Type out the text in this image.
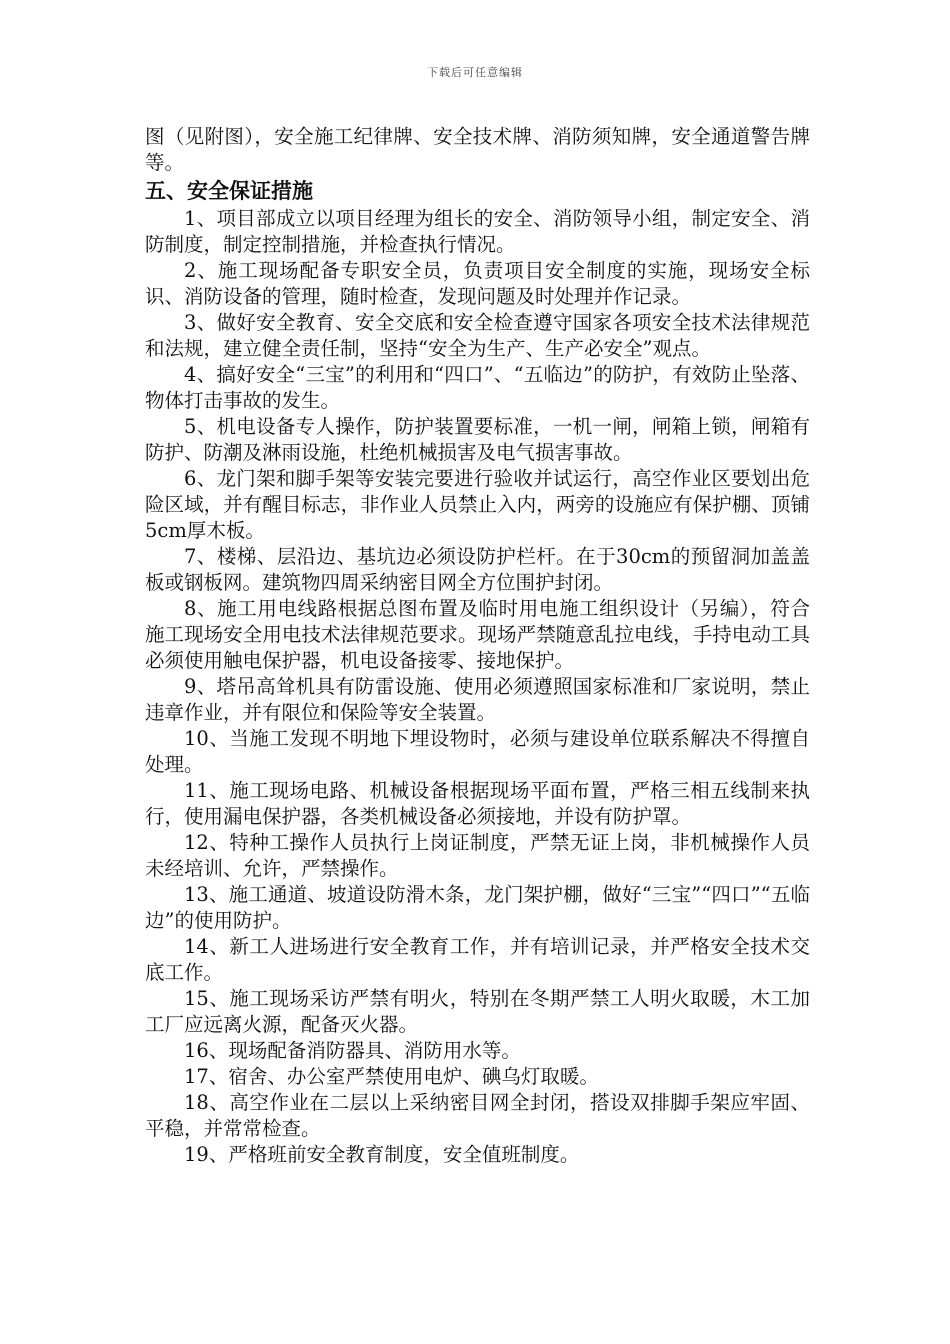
下载后可任意编辑

图（见附图），安全施工纪律牌、安全技术牌、消防须知牌，安全通道警告牌等。

五、安全保证措施

1、项目部成立以项目经理为组长的安全、消防领导小组，制定安全、消防制度，制定控制措施，并检查执行情况。

2、施工现场配备专职安全员，负责项目安全制度的实施，现场安全标识、消防设备的管理，随时检查，发现问题及时处理并作记录。

3、做好安全教育、安全交底和安全检查遵守国家各项安全技术法律规范和法规，建立健全责任制，坚持“安全为生产、生产必安全”观点。

4、搞好安全“三宝”的利用和“四口”、“五临边”的防护，有效防止坠落、物体打击事故的发生。

5、机电设备专人操作，防护装置要标准，一机一闸，闸箱上锁，闸箱有防护、防潮及淋雨设施，杜绝机械损害及电气损害事故。

6、龙门架和脚手架等安装完要进行验收并试运行，高空作业区要划出危险区域，并有醒目标志，非作业人员禁止入内，两旁的设施应有保护棚、顶铺5cm厚木板。

7、楼梯、层沿边、基坑边必须设防护栏杆。在于30cm的预留洞加盖盖板或钢板网。建筑物四周采纳密目网全方位围护封闭。

8、施工用电线路根据总图布置及临时用电施工组织设计（另编），符合施工现场安全用电技术法律规范要求。现场严禁随意乱拉电线，手持电动工具必须使用触电保护器，机电设备接零、接地保护。

9、塔吊高耸机具有防雷设施、使用必须遵照国家标准和厂家说明，禁止违章作业，并有限位和保险等安全装置。

10、当施工发现不明地下埋设物时，必须与建设单位联系解决不得擅自处理。

11、施工现场电路、机械设备根据现场平面布置，严格三相五线制来执行，使用漏电保护器，各类机械设备必须接地，并设有防护罩。

12、特种工操作人员执行上岗证制度，严禁无证上岗，非机械操作人员未经培训、允许，严禁操作。

13、施工通道、坡道设防滑木条，龙门架护棚，做好“三宝”“四口”“五临边”的使用防护。

14、新工人进场进行安全教育工作，并有培训记录，并严格安全技术交底工作。

15、施工现场采访严禁有明火，特别在冬期严禁工人明火取暖，木工加工厂应远离火源，配备灭火器。

16、现场配备消防器具、消防用水等。

17、宿舍、办公室严禁使用电炉、碘乌灯取暖。

18、高空作业在二层以上采纳密目网全封闭，搭设双排脚手架应牢固、平稳，并常常检查。

19、严格班前安全教育制度，安全值班制度。
